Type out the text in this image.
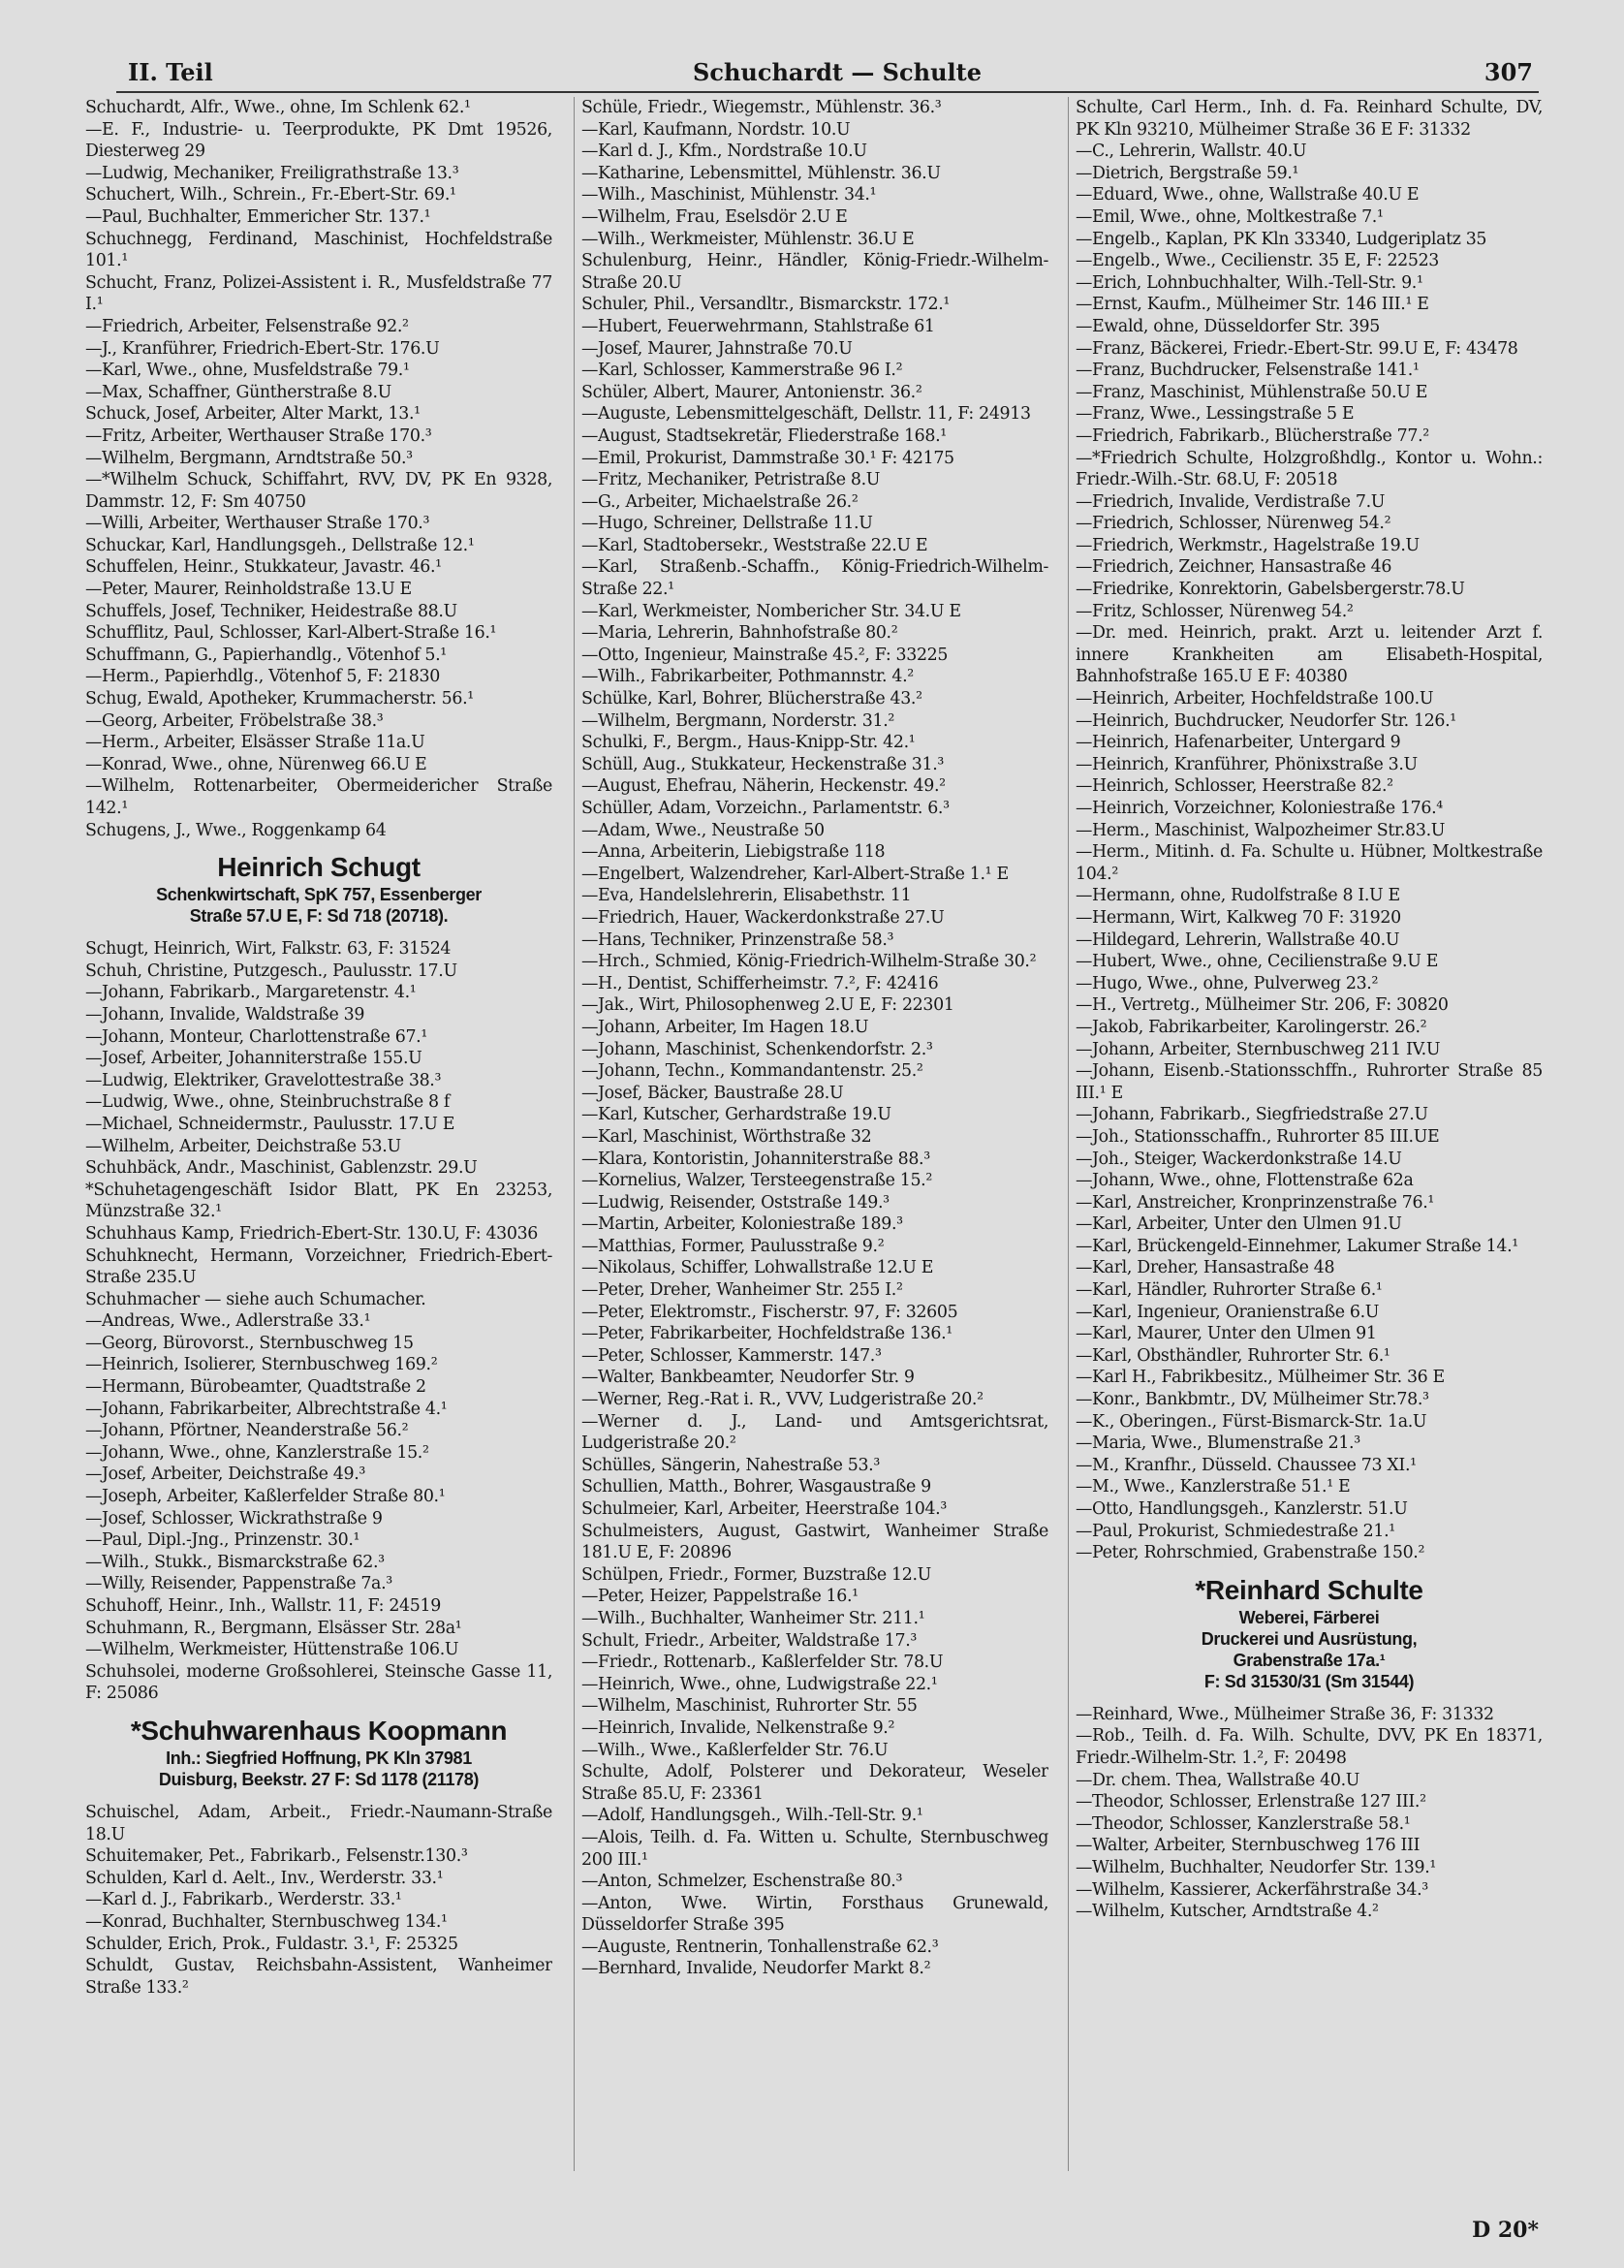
II. Teil	Schuchardt — Schulte	307

Schuchardt, Alfr., Wwe., ohne, Im Schlenk 62.¹

—E. F., Industrie- u. Teerprodukte, PK Dmt 19526, Diesterweg 29

—Ludwig, Mechaniker, Freiligrathstraße 13.³

Schuchert, Wilh., Schrein., Fr.-Ebert-Str. 69.¹

—Paul, Buchhalter, Emmericher Str. 137.¹

Schuchnegg, Ferdinand, Maschinist, Hochfeldstraße 101.¹

Schucht, Franz, Polizei-Assistent i. R., Musfeldstraße 77 I.¹

—Friedrich, Arbeiter, Felsenstraße 92.²

—J., Kranführer, Friedrich-Ebert-Str. 176.U

—Karl, Wwe., ohne, Musfeldstraße 79.¹

—Max, Schaffner, Güntherstraße 8.U

Schuck, Josef, Arbeiter, Alter Markt, 13.¹

—Fritz, Arbeiter, Werthauser Straße 170.³

—Wilhelm, Bergmann, Arndtstraße 50.³

—*Wilhelm Schuck, Schiffahrt, RVV, DV, PK En 9328, Dammstr. 12, F: Sm 40750

—Willi, Arbeiter, Werthauser Straße 170.³

Schuckar, Karl, Handlungsgeh., Dellstraße 12.¹

Schuffelen, Heinr., Stukkateur, Javastr. 46.¹

—Peter, Maurer, Reinholdstraße 13.U E

Schuffels, Josef, Techniker, Heidestraße 88.U

Schufflitz, Paul, Schlosser, Karl-Albert-Straße 16.¹

Schuffmann, G., Papierhandlg., Vötenhof 5.¹

—Herm., Papierhdlg., Vötenhof 5, F: 21830

Schug, Ewald, Apotheker, Krummacherstr. 56.¹

—Georg, Arbeiter, Fröbelstraße 38.³

—Herm., Arbeiter, Elsässer Straße 11a.U

—Konrad, Wwe., ohne, Nürenweg 66.U E

—Wilhelm, Rottenarbeiter, Obermeidericher Straße 142.¹

Schugens, J., Wwe., Roggenkamp 64

Heinrich Schugt
Schenkwirtschaft, SpK 757, Essenberger
Straße 57.U E, F: Sd 718 (20718).

Schugt, Heinrich, Wirt, Falkstr. 63, F: 31524

Schuh, Christine, Putzgesch., Paulusstr. 17.U

—Johann, Fabrikarb., Margaretenstr. 4.¹

—Johann, Invalide, Waldstraße 39

—Johann, Monteur, Charlottenstraße 67.¹

—Josef, Arbeiter, Johanniterstraße 155.U

—Ludwig, Elektriker, Gravelottestraße 38.³

—Ludwig, Wwe., ohne, Steinbruchstraße 8 f

—Michael, Schneidermstr., Paulusstr. 17.U E

—Wilhelm, Arbeiter, Deichstraße 53.U

Schuhbäck, Andr., Maschinist, Gablenzstr. 29.U

*Schuhetagengeschäft Isidor Blatt, PK En 23253, Münzstraße 32.¹

Schuhhaus Kamp, Friedrich-Ebert-Str. 130.U, F: 43036

Schuhknecht, Hermann, Vorzeichner, Friedrich-Ebert-Straße 235.U

Schuhmacher — siehe auch Schumacher.

—Andreas, Wwe., Adlerstraße 33.¹

—Georg, Bürovorst., Sternbuschweg 15

—Heinrich, Isolierer, Sternbuschweg 169.²

—Hermann, Bürobeamter, Quadtstraße 2

—Johann, Fabrikarbeiter, Albrechtstraße 4.¹

—Johann, Pförtner, Neanderstraße 56.²

—Johann, Wwe., ohne, Kanzlerstraße 15.²

—Josef, Arbeiter, Deichstraße 49.³

—Joseph, Arbeiter, Kaßlerfelder Straße 80.¹

—Josef, Schlosser, Wickrathstraße 9

—Paul, Dipl.-Jng., Prinzenstr. 30.¹

—Wilh., Stukk., Bismarckstraße 62.³

—Willy, Reisender, Pappenstraße 7a.³

Schuhoff, Heinr., Inh., Wallstr. 11, F: 24519

Schuhmann, R., Bergmann, Elsässer Str. 28a¹

—Wilhelm, Werkmeister, Hüttenstraße 106.U

Schuhsolei, moderne Großsohlerei, Steinsche Gasse 11, F: 25086

*Schuhwarenhaus Koopmann
Inh.: Siegfried Hoffnung, PK Kln 37981
Duisburg, Beekstr. 27 F: Sd 1178 (21178)

Schuischel, Adam, Arbeit., Friedr.-Naumann-Straße 18.U

Schuitemaker, Pet., Fabrikarb., Felsenstr.130.³

Schulden, Karl d. Aelt., Inv., Werderstr. 33.¹

—Karl d. J., Fabrikarb., Werderstr. 33.¹

—Konrad, Buchhalter, Sternbuschweg 134.¹

Schulder, Erich, Prok., Fuldastr. 3.¹, F: 25325

Schuldt, Gustav, Reichsbahn-Assistent, Wanheimer Straße 133.²

Schüle, Friedr., Wiegemstr., Mühlenstr. 36.³

—Karl, Kaufmann, Nordstr. 10.U

—Karl d. J., Kfm., Nordstraße 10.U

—Katharine, Lebensmittel, Mühlenstr. 36.U

—Wilh., Maschinist, Mühlenstr. 34.¹

—Wilhelm, Frau, Eselsdör 2.U E

—Wilh., Werkmeister, Mühlenstr. 36.U E

Schulenburg, Heinr., Händler, König-Friedr.-Wilhelm-Straße 20.U

Schuler, Phil., Versandltr., Bismarckstr. 172.¹

—Hubert, Feuerwehrmann, Stahlstraße 61

—Josef, Maurer, Jahnstraße 70.U

—Karl, Schlosser, Kammerstraße 96 I.²

Schüler, Albert, Maurer, Antonienstr. 36.²

—Auguste, Lebensmittelgeschäft, Dellstr. 11, F: 24913

—August, Stadtsekretär, Fliederstraße 168.¹

—Emil, Prokurist, Dammstraße 30.¹ F: 42175

—Fritz, Mechaniker, Petristraße 8.U

—G., Arbeiter, Michaelstraße 26.²

—Hugo, Schreiner, Dellstraße 11.U

—Karl, Stadtobersekr., Weststraße 22.U E

—Karl, Straßenb.-Schaffn., König-Friedrich-Wilhelm-Straße 22.¹

—Karl, Werkmeister, Nombericher Str. 34.U E

—Maria, Lehrerin, Bahnhofstraße 80.²

—Otto, Ingenieur, Mainstraße 45.², F: 33225

—Wilh., Fabrikarbeiter, Pothmannstr. 4.²

Schülke, Karl, Bohrer, Blücherstraße 43.²

—Wilhelm, Bergmann, Norderstr. 31.²

Schulki, F., Bergm., Haus-Knipp-Str. 42.¹

Schüll, Aug., Stukkateur, Heckenstraße 31.³

—August, Ehefrau, Näherin, Heckenstr. 49.²

Schüller, Adam, Vorzeichn., Parlamentstr. 6.³

—Adam, Wwe., Neustraße 50

—Anna, Arbeiterin, Liebigstraße 118

—Engelbert, Walzendreher, Karl-Albert-Straße 1.¹ E

—Eva, Handelslehrerin, Elisabethstr. 11

—Friedrich, Hauer, Wackerdonkstraße 27.U

—Hans, Techniker, Prinzenstraße 58.³

—Hrch., Schmied, König-Friedrich-Wilhelm-Straße 30.²

—H., Dentist, Schifferheimstr. 7.², F: 42416

—Jak., Wirt, Philosophenweg 2.U E, F: 22301

—Johann, Arbeiter, Im Hagen 18.U

—Johann, Maschinist, Schenkendorfstr. 2.³

—Johann, Techn., Kommandantenstr. 25.²

—Josef, Bäcker, Baustraße 28.U

—Karl, Kutscher, Gerhardstraße 19.U

—Karl, Maschinist, Wörthstraße 32

—Klara, Kontoristin, Johanniterstraße 88.³

—Kornelius, Walzer, Tersteegenstraße 15.²

—Ludwig, Reisender, Oststraße 149.³

—Martin, Arbeiter, Koloniestraße 189.³

—Matthias, Former, Paulusstraße 9.²

—Nikolaus, Schiffer, Lohwallstraße 12.U E

—Peter, Dreher, Wanheimer Str. 255 I.²

—Peter, Elektromstr., Fischerstr. 97, F: 32605

—Peter, Fabrikarbeiter, Hochfeldstraße 136.¹

—Peter, Schlosser, Kammerstr. 147.³

—Walter, Bankbeamter, Neudorfer Str. 9

—Werner, Reg.-Rat i. R., VVV, Ludgeristraße 20.²

—Werner d. J., Land- und Amtsgerichtsrat, Ludgeristraße 20.²

Schülles, Sängerin, Nahestraße 53.³

Schullien, Matth., Bohrer, Wasgaustraße 9

Schulmeier, Karl, Arbeiter, Heerstraße 104.³

Schulmeisters, August, Gastwirt, Wanheimer Straße 181.U E, F: 20896

Schülpen, Friedr., Former, Buzstraße 12.U

—Peter, Heizer, Pappelstraße 16.¹

—Wilh., Buchhalter, Wanheimer Str. 211.¹

Schult, Friedr., Arbeiter, Waldstraße 17.³

—Friedr., Rottenarb., Kaßlerfelder Str. 78.U

—Heinrich, Wwe., ohne, Ludwigstraße 22.¹

—Wilhelm, Maschinist, Ruhrorter Str. 55

—Heinrich, Invalide, Nelkenstraße 9.²

—Wilh., Wwe., Kaßlerfelder Str. 76.U

Schulte, Adolf, Polsterer und Dekorateur, Weseler Straße 85.U, F: 23361

—Adolf, Handlungsgeh., Wilh.-Tell-Str. 9.¹

—Alois, Teilh. d. Fa. Witten u. Schulte, Sternbuschweg 200 III.¹

—Anton, Schmelzer, Eschenstraße 80.³

—Anton, Wwe. Wirtin, Forsthaus Grunewald, Düsseldorfer Straße 395

—Auguste, Rentnerin, Tonhallenstraße 62.³

—Bernhard, Invalide, Neudorfer Markt 8.²

Schulte, Carl Herm., Inh. d. Fa. Reinhard Schulte, DV, PK Kln 93210, Mülheimer Straße 36 E F: 31332

—C., Lehrerin, Wallstr. 40.U

—Dietrich, Bergstraße 59.¹

—Eduard, Wwe., ohne, Wallstraße 40.U E

—Emil, Wwe., ohne, Moltkestraße 7.¹

—Engelb., Kaplan, PK Kln 33340, Ludgeriplatz 35

—Engelb., Wwe., Cecilienstr. 35 E, F: 22523

—Erich, Lohnbuchhalter, Wilh.-Tell-Str. 9.¹

—Ernst, Kaufm., Mülheimer Str. 146 III.¹ E

—Ewald, ohne, Düsseldorfer Str. 395

—Franz, Bäckerei, Friedr.-Ebert-Str. 99.U E, F: 43478

—Franz, Buchdrucker, Felsenstraße 141.¹

—Franz, Maschinist, Mühlenstraße 50.U E

—Franz, Wwe., Lessingstraße 5 E

—Friedrich, Fabrikarb., Blücherstraße 77.²

—*Friedrich Schulte, Holzgroßhdlg., Kontor u. Wohn.: Friedr.-Wilh.-Str. 68.U, F: 20518

—Friedrich, Invalide, Verdistraße 7.U

—Friedrich, Schlosser, Nürenweg 54.²

—Friedrich, Werkmstr., Hagelstraße 19.U

—Friedrich, Zeichner, Hansastraße 46

—Friedrike, Konrektorin, Gabelsbergerstr.78.U

—Fritz, Schlosser, Nürenweg 54.²

—Dr. med. Heinrich, prakt. Arzt u. leitender Arzt f. innere Krankheiten am Elisabeth-Hospital, Bahnhofstraße 165.U E F: 40380

—Heinrich, Arbeiter, Hochfeldstraße 100.U

—Heinrich, Buchdrucker, Neudorfer Str. 126.¹

—Heinrich, Hafenarbeiter, Untergard 9

—Heinrich, Kranführer, Phönixstraße 3.U

—Heinrich, Schlosser, Heerstraße 82.²

—Heinrich, Vorzeichner, Koloniestraße 176.⁴

—Herm., Maschinist, Walpozheimer Str.83.U

—Herm., Mitinh. d. Fa. Schulte u. Hübner, Moltkestraße 104.²

—Hermann, ohne, Rudolfstraße 8 I.U E

—Hermann, Wirt, Kalkweg 70 F: 31920

—Hildegard, Lehrerin, Wallstraße 40.U

—Hubert, Wwe., ohne, Cecilienstraße 9.U E

—Hugo, Wwe., ohne, Pulverweg 23.²

—H., Vertretg., Mülheimer Str. 206, F: 30820

—Jakob, Fabrikarbeiter, Karolingerstr. 26.²

—Johann, Arbeiter, Sternbuschweg 211 IV.U

—Johann, Eisenb.-Stationsschffn., Ruhrorter Straße 85 III.¹ E

—Johann, Fabrikarb., Siegfriedstraße 27.U

—Joh., Stationsschaffn., Ruhrorter 85 III.UE

—Joh., Steiger, Wackerdonkstraße 14.U

—Johann, Wwe., ohne, Flottenstraße 62a

—Karl, Anstreicher, Kronprinzenstraße 76.¹

—Karl, Arbeiter, Unter den Ulmen 91.U

—Karl, Brückengeld-Einnehmer, Lakumer Straße 14.¹

—Karl, Dreher, Hansastraße 48

—Karl, Händler, Ruhrorter Straße 6.¹

—Karl, Ingenieur, Oranienstraße 6.U

—Karl, Maurer, Unter den Ulmen 91

—Karl, Obsthändler, Ruhrorter Str. 6.¹

—Karl H., Fabrikbesitz., Mülheimer Str. 36 E

—Konr., Bankbmtr., DV, Mülheimer Str.78.³

—K., Oberingen., Fürst-Bismarck-Str. 1a.U

—Maria, Wwe., Blumenstraße 21.³

—M., Kranfhr., Düsseld. Chaussee 73 XI.¹

—M., Wwe., Kanzlerstraße 51.¹ E

—Otto, Handlungsgeh., Kanzlerstr. 51.U

—Paul, Prokurist, Schmiedestraße 21.¹

—Peter, Rohrschmied, Grabenstraße 150.²

*Reinhard Schulte
Weberei, Färberei
Druckerei und Ausrüstung,
Grabenstraße 17a.¹
F: Sd 31530/31 (Sm 31544)

—Reinhard, Wwe., Mülheimer Straße 36, F: 31332

—Rob., Teilh. d. Fa. Wilh. Schulte, DVV, PK En 18371, Friedr.-Wilhelm-Str. 1.², F: 20498

—Dr. chem. Thea, Wallstraße 40.U

—Theodor, Schlosser, Erlenstraße 127 III.²

—Theodor, Schlosser, Kanzlerstraße 58.¹

—Walter, Arbeiter, Sternbuschweg 176 III

—Wilhelm, Buchhalter, Neudorfer Str. 139.¹

—Wilhelm, Kassierer, Ackerfährstraße 34.³

—Wilhelm, Kutscher, Arndtstraße 4.²

D 20*
